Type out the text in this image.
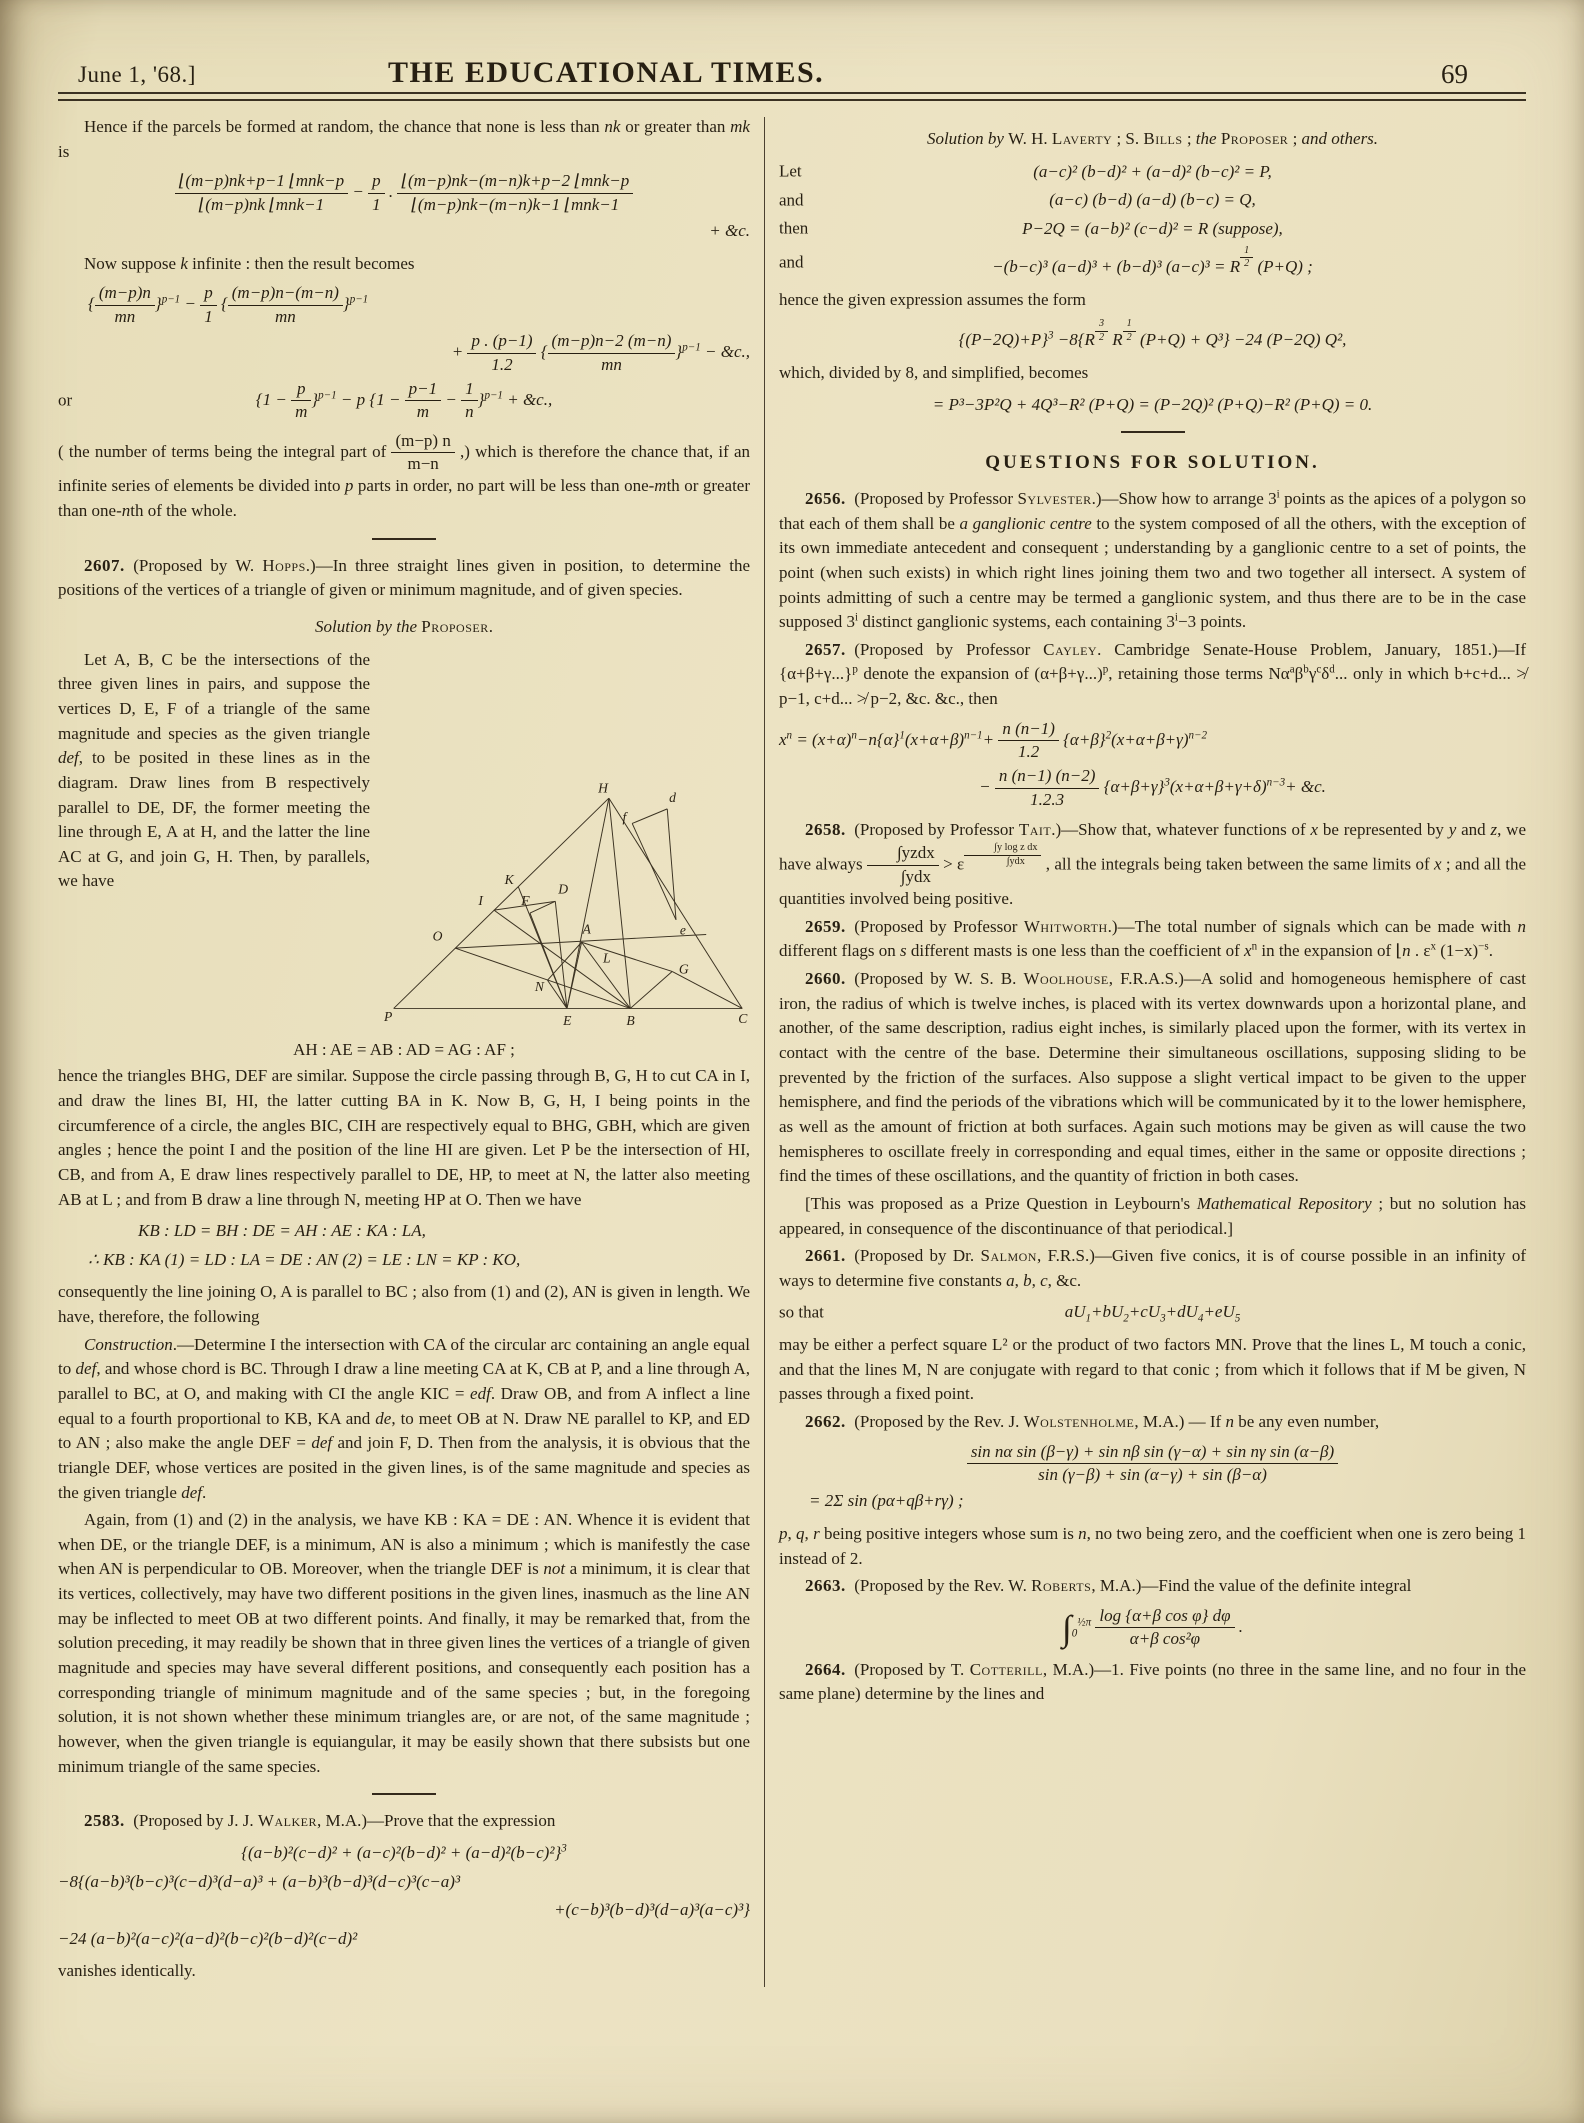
June 1, '68.]	THE EDUCATIONAL TIMES.	69

Hence if the parcels be formed at random, the chance that none is less than nk or greater than mk is

$\frac{\text{⌊(m−p)nk+p−1 ⌊mnk−p}}{\text{⌊(m−p)nk ⌊mnk−1}} - \frac{p}{1}$ . $\frac{\text{⌊(m−p)nk−(m−n)k+p−2 ⌊mnk−p}}{\text{⌊(m−p)nk−(m−n)k−1 ⌊mnk−1}}$
+ &c.

Now suppose k infinite : then the result becomes

{ $\frac{(m-p)n}{mn} \}^{p-1} - \frac{p}{1}$ { $\frac{(m-p)n-(m-n)}{mn} \}^{p-1}$
+ $\frac{p . (p-1)}{1.2}$ { $\frac{(m-p)n-2 (m-n)}{mn} \}^{p-1}$ − &c.,
or	$\{1 - \frac{p}{m} \}^{p-1} - p$ $\{1 - \frac{p-1}{m} - \frac{1}{n} \}^{p-1}$ + &c.,

( the number of terms being the integral part of $\frac{(m-p) n}{m-n}$ ,) which is therefore the chance that, if an infinite series of elements be divided into p parts in order, no part will be less than one-mth or greater than one-nth of the whole.

2607.  (Proposed by W. Hopps.)—In three straight lines given in position, to determine the positions of the vertices of a triangle of given or minimum magnitude, and of given species.

Solution by the Proposer.

H
d
f
K
D
I	F
O	A	e
L
G
N
P	E	B	C

Let A, B, C be the intersections of the three given lines in pairs, and suppose the vertices D, E, F of a triangle of the same magnitude and species as the given triangle def, to be posited in these lines as in the diagram. Draw lines from B respectively parallel to DE, DF, the former meeting the line through E, A at H, and the latter the line AC at G, and join G, H. Then, by parallels, we have

AH : AE = AB : AD = AG : AF ;

hence the triangles BHG, DEF are similar. Suppose the circle passing through B, G, H to cut CA in I, and draw the lines BI, HI, the latter cutting BA in K. Now B, G, H, I being points in the circumference of a circle, the angles BIC, CIH are respectively equal to BHG, GBH, which are given angles ; hence the point I and the position of the line HI are given. Let P be the intersection of HI, CB, and from A, E draw lines respectively parallel to DE, HP, to meet at N, the latter also meeting AB at L ; and from B draw a line through N, meeting HP at O. Then we have

KB : LD = BH : DE = AH : AE : KA : LA,
∴ KB : KA (1) = LD : LA = DE : AN (2) = LE : LN = KP : KO,

consequently the line joining O, A is parallel to BC ; also from (1) and (2), AN is given in length. We have, therefore, the following

Construction.—Determine I the intersection with CA of the circular arc containing an angle equal to def, and whose chord is BC. Through I draw a line meeting CA at K, CB at P, and a line through A, parallel to BC, at O, and making with CI the angle KIC = edf. Draw OB, and from A inflect a line equal to a fourth proportional to KB, KA and de, to meet OB at N. Draw NE parallel to KP, and ED to AN ; also make the angle DEF = def and join F, D. Then from the analysis, it is obvious that the triangle DEF, whose vertices are posited in the given lines, is of the same magnitude and species as the given triangle def.

Again, from (1) and (2) in the analysis, we have KB : KA = DE : AN. Whence it is evident that when DE, or the triangle DEF, is a minimum, AN is also a minimum ; which is manifestly the case when AN is perpendicular to OB. Moreover, when the triangle DEF is not a minimum, it is clear that its vertices, collectively, may have two different positions in the given lines, inasmuch as the line AN may be inflected to meet OB at two different points. And finally, it may be remarked that, from the solution preceding, it may readily be shown that in three given lines the vertices of a triangle of given magnitude and species may have several different positions, and consequently each position has a corresponding triangle of minimum magnitude and of the same species ; but, in the foregoing solution, it is not shown whether these minimum triangles are, or are not, of the same magnitude ; however, when the given triangle is equiangular, it may be easily shown that there subsists but one minimum triangle of the same species.

2583.  (Proposed by J. J. Walker, M.A.)—Prove that the expression

$\{(a-b)^2(c-d)^2 + (a-c)^2(b-d)^2 + (a-d)^2(b-c)^2\}^3$
−8{(a−b)³(b−c)³(c−d)³(d−a)³ + (a−b)³(b−d)³(d−c)³(c−a)³
+(c−b)³(b−d)³(d−a)³(a−c)³}
−24 (a−b)²(a−c)²(a−d)²(b−c)²(b−d)²(c−d)²

vanishes identically.

Solution by W. H. Laverty ; S. Bills ; the Proposer ; and others.

Let	(a−c)² (b−d)² + (a−d)² (b−c)² = P,
and	(a−c) (b−d) (a−d) (b−c) = Q,
then	P−2Q = (a−b)² (c−d)² = R (suppose),
and	−(b−c)³ (a−d)³ + (b−d)³ (a−c)³ = R $\frac{1}{2} (P+Q)$ ;

hence the given expression assumes the form

$\{(P-2Q)+P\}^3 -8\{R \frac{3}{2}$ R $\frac{1}{2} (P+Q) + Q^3\} -24$ (P−2Q) Q²,

which, divided by 8, and simplified, becomes

= P³−3P²Q + 4Q³−R² (P+Q) = (P−2Q)² (P+Q)−R² (P+Q) = 0.

QUESTIONS FOR SOLUTION.

2656.  (Proposed by Professor Sylvester.)—Show how to arrange 3$^i$ points as the apices of a polygon so that each of them shall be a ganglionic centre to the system composed of all the others, with the exception of its own immediate antecedent and consequent ; understanding by a ganglionic centre to a set of points, the point (when such exists) in which right lines joining them two and two together all intersect. A system of points admitting of such a centre may be termed a ganglionic system, and thus there are to be in the case supposed 3$^i$ distinct ganglionic systems, each containing $3^i-3$ points.

2657.  (Proposed by Professor Cayley. Cambridge Senate-House Problem, January, 1851.)—If $\{\alpha+\beta+\gamma...\}^p$ denote the expansion of $(\alpha+\beta+\gamma...)^p$, retaining those terms $N\alpha^a\beta^b\gamma^c\delta^d$... only in which b+c+d... ≯ p−1, c+d... ≯ p−2, &c. &c., then

$x^n = (x+\alpha)^n-n\{\alpha\}^1(x+\alpha+\beta)^{n-1}+ \frac{n (n-1)}{1.2} \{\alpha+\beta\}^2(x+\alpha+\beta+\gamma)^{n-2}$
− $\frac{n (n-1) (n-2)}{1.2.3} \{\alpha+\beta+\gamma\}^3(x+\alpha+\beta+\gamma+\delta)^{n-3}+$ &c.

2658.  (Proposed by Professor Tait.)—Show that, whatever functions of x be represented by y and z, we have always $\frac{\text{∫yzdx}}{\text{∫ydx}} > \varepsilon \frac{\text{∫y log z dx}}{\text{∫ydx}}$ , all the integrals being taken between the same limits of x ; and all the quantities involved being positive.

2659.  (Proposed by Professor Whitworth.)—The total number of signals which can be made with n different flags on s different masts is one less than the coefficient of $x^n$ in the expansion of ⌊n . $\varepsilon^x$ $(1-x)^{-s}$.

2660.  (Proposed by W. S. B. Woolhouse, F.R.A.S.)—A solid and homogeneous hemisphere of cast iron, the radius of which is twelve inches, is placed with its vertex downwards upon a horizontal plane, and another, of the same description, radius eight inches, is similarly placed upon the former, with its vertex in contact with the centre of the base. Determine their simultaneous oscillations, supposing sliding to be prevented by the friction of the surfaces. Also suppose a slight vertical impact to be given to the upper hemisphere, and find the periods of the vibrations which will be communicated by it to the lower hemisphere, as well as the amount of friction at both surfaces. Again such motions may be given as will cause the two hemispheres to oscillate freely in corresponding and equal times, either in the same or opposite directions ; find the times of these oscillations, and the quantity of friction in both cases.

[This was proposed as a Prize Question in Leybourn's Mathematical Repository ; but no solution has appeared, in consequence of the discontinuance of that periodical.]

2661.  (Proposed by Dr. Salmon, F.R.S.)—Given five conics, it is of course possible in an infinity of ways to determine five constants a, b, c, &c.

so that	$aU_1+bU_2+cU_3+dU_4+eU_5$

may be either a perfect square L² or the product of two factors MN. Prove that the lines L, M touch a conic, and that the lines M, N are conjugate with regard to that conic ; from which it follows that if M be given, N passes through a fixed point.

2662.  (Proposed by the Rev. J. Wolstenholme, M.A.) — If n be any even number,

$\frac{\text{sin nα sin (β−γ) + sin nβ sin (γ−α) + sin nγ sin (α−β)}}{\sin (\gamma-\beta) + \sin (\alpha-\gamma) + \sin (\beta-\alpha)}$
= 2Σ sin (pα+qβ+rγ) ;

p, q, r being positive integers whose sum is n, no two being zero, and the coefficient when one is zero being 1 instead of 2.

2663.  (Proposed by the Rev. W. Roberts, M.A.)—Find the value of the definite integral

$\int_0^{\frac{1}{2}\pi} \frac{\text{log \{α+β cos φ\} dφ}}{\text{α+β cos²φ}}$ .

2664.  (Proposed by T. Cotterill, M.A.)—1. Five points (no three in the same line, and no four in the same plane) determine by the lines and
